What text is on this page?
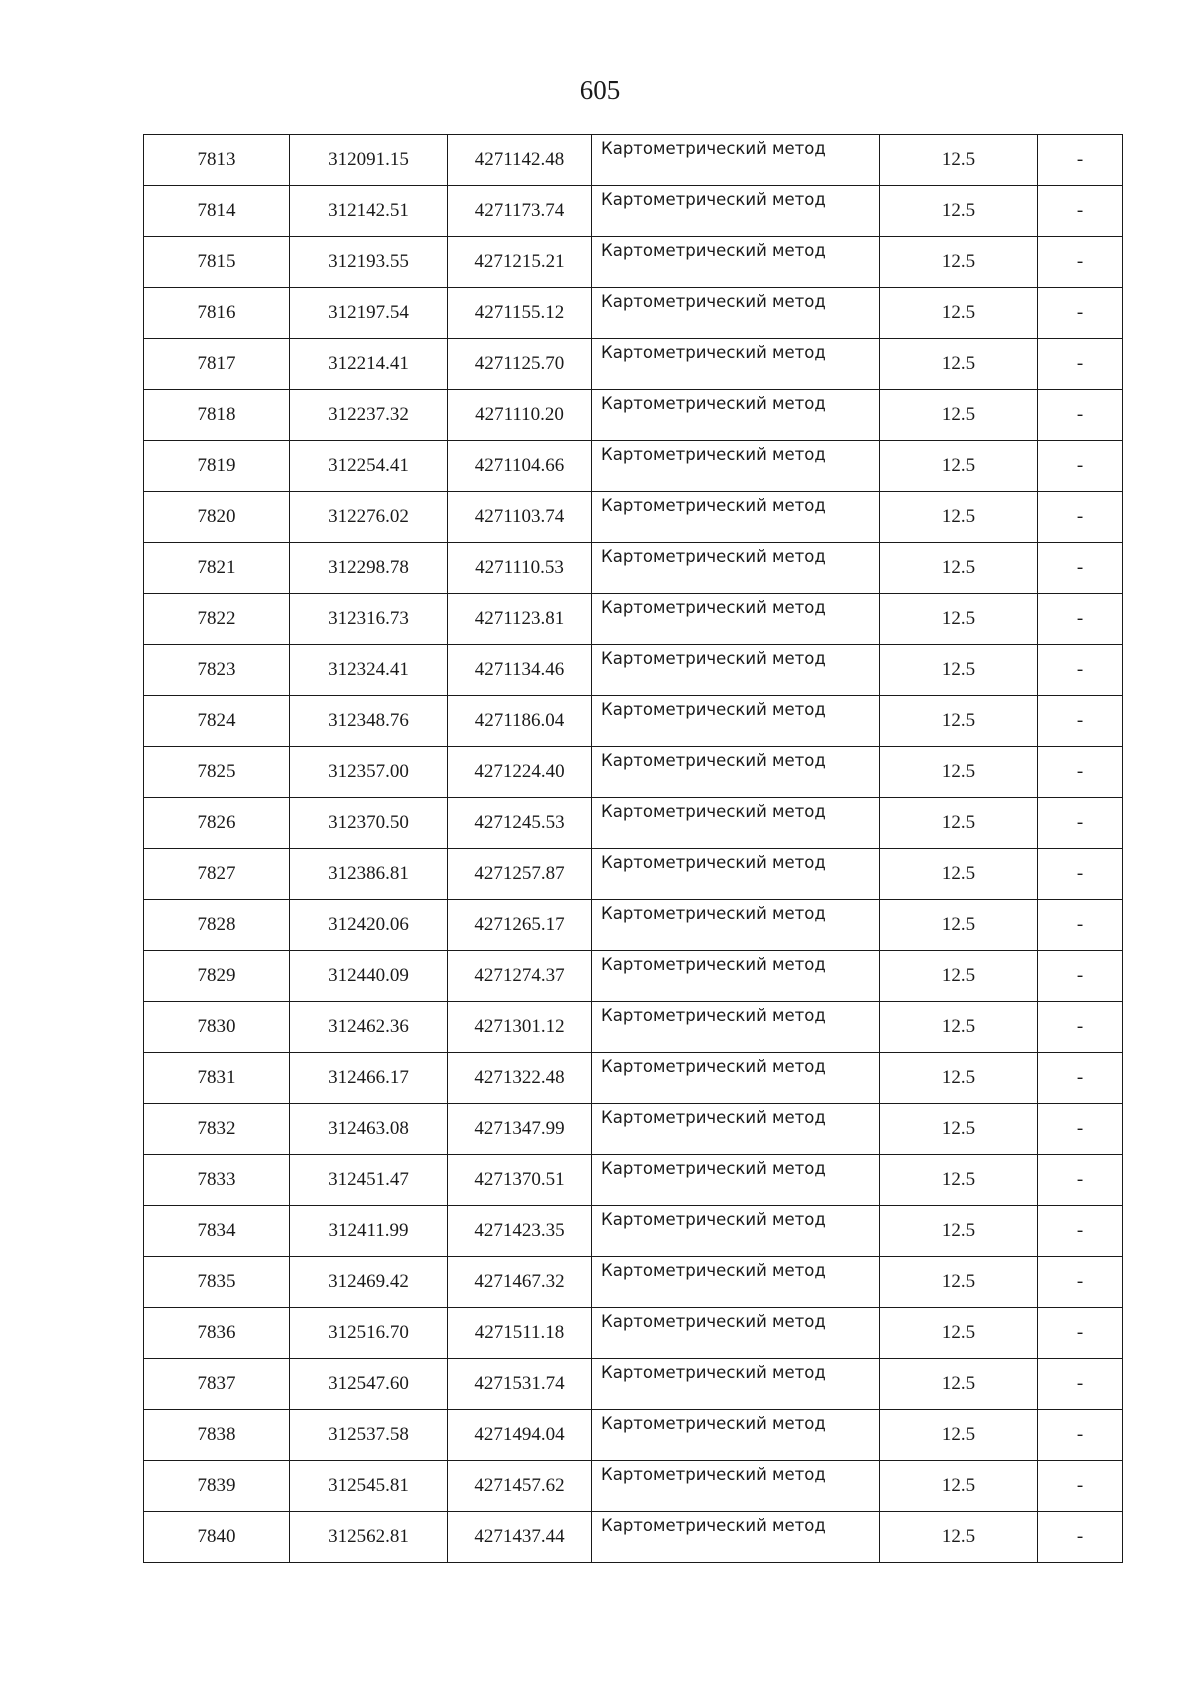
605
7813	312091.15	4271142.48	Картометрический метод	12.5	-
7814	312142.51	4271173.74	Картометрический метод	12.5	-
7815	312193.55	4271215.21	Картометрический метод	12.5	-
7816	312197.54	4271155.12	Картометрический метод	12.5	-
7817	312214.41	4271125.70	Картометрический метод	12.5	-
7818	312237.32	4271110.20	Картометрический метод	12.5	-
7819	312254.41	4271104.66	Картометрический метод	12.5	-
7820	312276.02	4271103.74	Картометрический метод	12.5	-
7821	312298.78	4271110.53	Картометрический метод	12.5	-
7822	312316.73	4271123.81	Картометрический метод	12.5	-
7823	312324.41	4271134.46	Картометрический метод	12.5	-
7824	312348.76	4271186.04	Картометрический метод	12.5	-
7825	312357.00	4271224.40	Картометрический метод	12.5	-
7826	312370.50	4271245.53	Картометрический метод	12.5	-
7827	312386.81	4271257.87	Картометрический метод	12.5	-
7828	312420.06	4271265.17	Картометрический метод	12.5	-
7829	312440.09	4271274.37	Картометрический метод	12.5	-
7830	312462.36	4271301.12	Картометрический метод	12.5	-
7831	312466.17	4271322.48	Картометрический метод	12.5	-
7832	312463.08	4271347.99	Картометрический метод	12.5	-
7833	312451.47	4271370.51	Картометрический метод	12.5	-
7834	312411.99	4271423.35	Картометрический метод	12.5	-
7835	312469.42	4271467.32	Картометрический метод	12.5	-
7836	312516.70	4271511.18	Картометрический метод	12.5	-
7837	312547.60	4271531.74	Картометрический метод	12.5	-
7838	312537.58	4271494.04	Картометрический метод	12.5	-
7839	312545.81	4271457.62	Картометрический метод	12.5	-
7840	312562.81	4271437.44	Картометрический метод	12.5	-
